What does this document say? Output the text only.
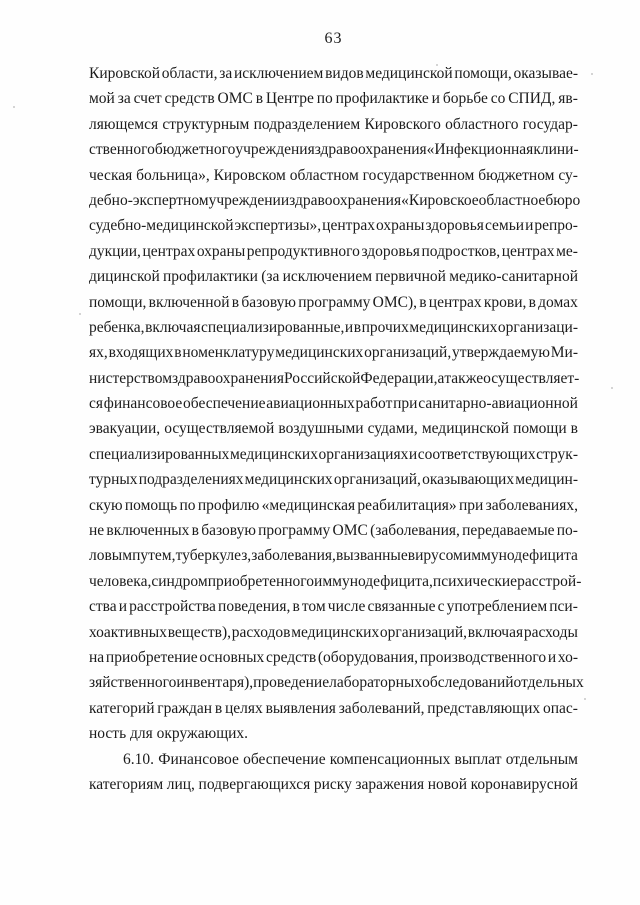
63
Кировской области, за исключением видов медицинской помощи, оказывае-
мой за счет средств ОМС в Центре по профилактике и борьбе со СПИД, яв-
ляющемся структурным подразделением Кировского областного государ-
ственного бюджетного учреждения здравоохранения «Инфекционная клини-
ческая больница», Кировском областном государственном бюджетном су-
дебно-экспертном учреждении здравоохранения «Кировское областное бюро
судебно-медицинской экспертизы», центрах охраны здоровья семьи и репро-
дукции, центрах охраны репродуктивного здоровья подростков, центрах ме-
дицинской профилактики (за исключением первичной медико-санитарной
помощи, включенной в базовую программу ОМС), в центрах крови, в домах
ребенка, включая специализированные, и в прочих медицинских организаци-
ях, входящих в номенклатуру медицинских организаций, утверждаемую Ми-
нистерством здравоохранения Российской Федерации, а также осуществляет-
ся финансовое обеспечение авиационных работ при санитарно-авиационной
эвакуации, осуществляемой воздушными судами, медицинской помощи в
специализированных медицинских организациях и соответствующих струк-
турных подразделениях медицинских организаций, оказывающих медицин-
скую помощь по профилю «медицинская реабилитация» при заболеваниях,
не включенных в базовую программу ОМС (заболевания, передаваемые по-
ловым путем, туберкулез, заболевания, вызванные вирусом иммунодефицита
человека, синдром приобретенного иммунодефицита, психические расстрой-
ства и расстройства поведения, в том числе связанные с употреблением пси-
хоактивных веществ), расходов медицинских организаций, включая расходы
на приобретение основных средств (оборудования, производственного и хо-
зяйственного инвентаря), проведение лабораторных обследований отдельных
категорий граждан в целях выявления заболеваний, представляющих опас-
ность для окружающих.
6.10. Финансовое обеспечение компенсационных выплат отдельным
категориям лиц, подвергающихся риску заражения новой коронавирусной
